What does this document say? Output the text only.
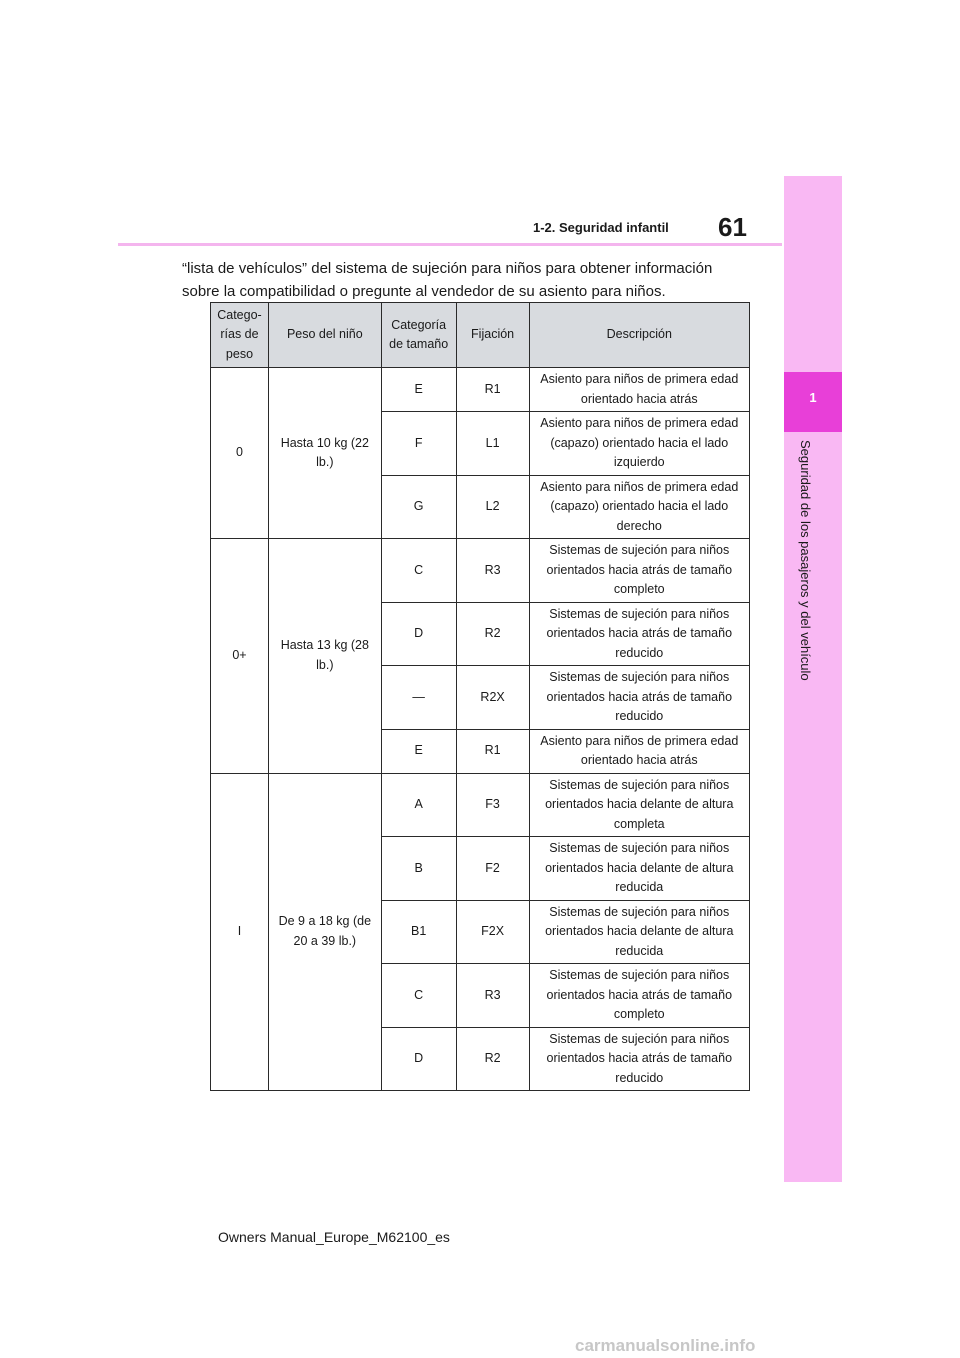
1
Seguridad de los pasajeros y del vehículo
1-2. Seguridad infantil 61
“lista de vehículos” del sistema de sujeción para niños para obtener información sobre la compatibilidad o pregunte al vendedor de su asiento para niños.
Catego-rías de peso	Peso del niño	Categoría de tamaño	Fijación	Descripción
0	Hasta 10 kg (22 lb.)	E	R1	Asiento para niños de primera edad orientado hacia atrás
		F	L1	Asiento para niños de primera edad (capazo) orientado hacia el lado izquierdo
		G	L2	Asiento para niños de primera edad (capazo) orientado hacia el lado derecho
0+	Hasta 13 kg (28 lb.)	C	R3	Sistemas de sujeción para niños orientados hacia atrás de tamaño completo
		D	R2	Sistemas de sujeción para niños orientados hacia atrás de tamaño reducido
		—	R2X	Sistemas de sujeción para niños orientados hacia atrás de tamaño reducido
		E	R1	Asiento para niños de primera edad orientado hacia atrás
I	De 9 a 18 kg (de 20 a 39 lb.)	A	F3	Sistemas de sujeción para niños orientados hacia delante de altura completa
		B	F2	Sistemas de sujeción para niños orientados hacia delante de altura reducida
		B1	F2X	Sistemas de sujeción para niños orientados hacia delante de altura reducida
		C	R3	Sistemas de sujeción para niños orientados hacia atrás de tamaño completo
		D	R2	Sistemas de sujeción para niños orientados hacia atrás de tamaño reducido
Owners Manual_Europe_M62100_es
carmanualsonline.info
